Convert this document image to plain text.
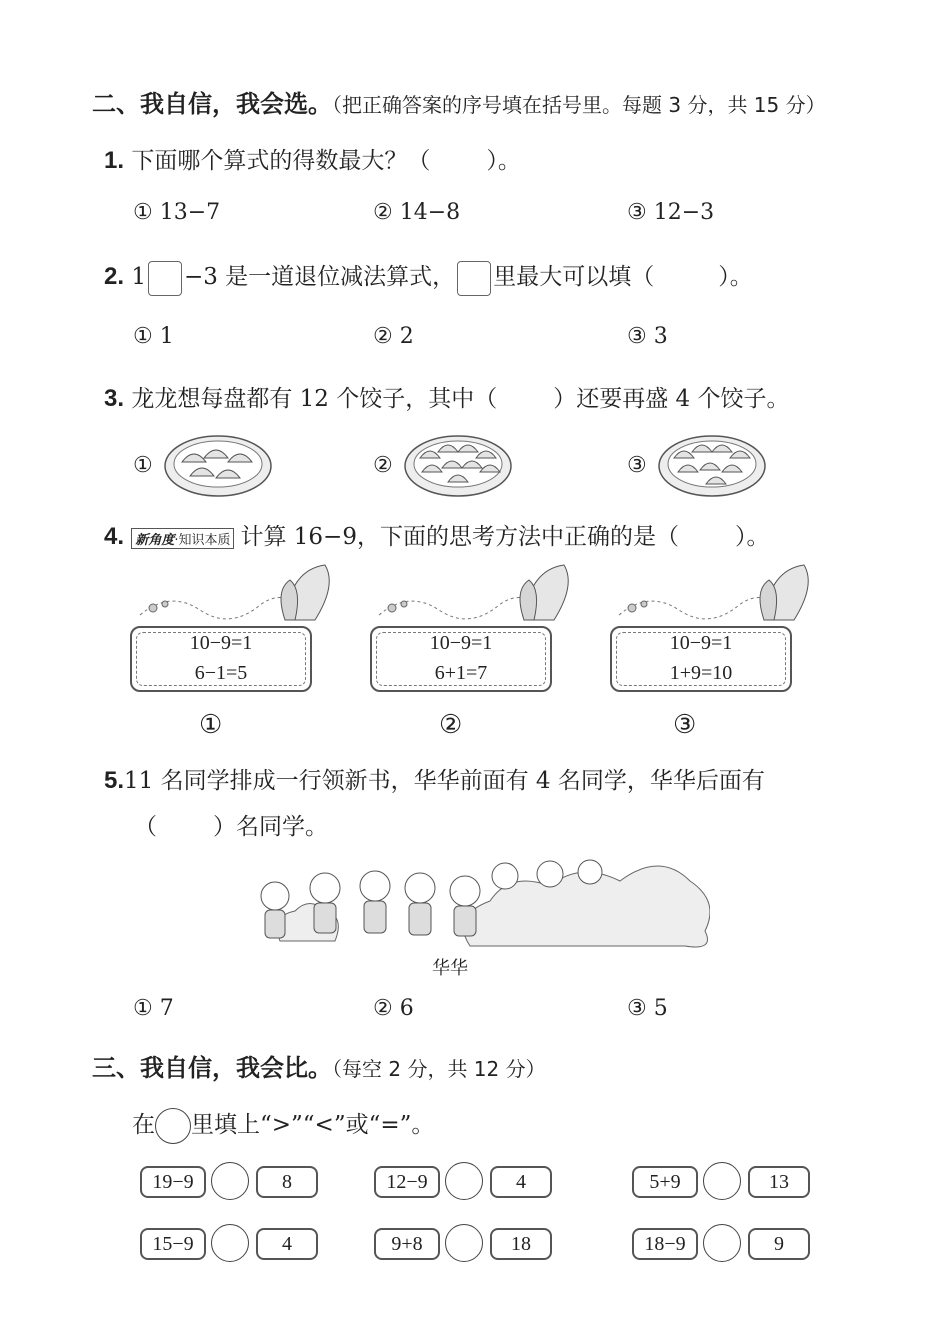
二、我自信，我会选。（把正确答案的序号填在括号里。每题 3 分，共 15 分）
1. 下面哪个算式的得数最大？（ ）。
① 13−7	② 14−8	③ 12−3
2. 1 −3 是一道退位减法算式， 里最大可以填（	）。
① 1	② 2	③ 3
3. 龙龙想每盘都有 12 个饺子，其中（ ）还要再盛 4 个饺子。
①	②	③
4. 新角度·知识本质 计算 16−9，下面的思考方法中正确的是（ ）。
10−9=1
6−1=5
10−9=1
6+1=7
10−9=1
1+9=10
①	②	③
5.11 名同学排成一行领新书，华华前面有 4 名同学，华华后面有
（ ）名同学。
华华
① 7	② 6	③ 5
三、我自信，我会比。（每空 2 分，共 12 分）
在 里填上“>”“<”或“=”。
19−9	8	12−9	4	5+9	13
15−9	4	9+8	18	18−9	9
